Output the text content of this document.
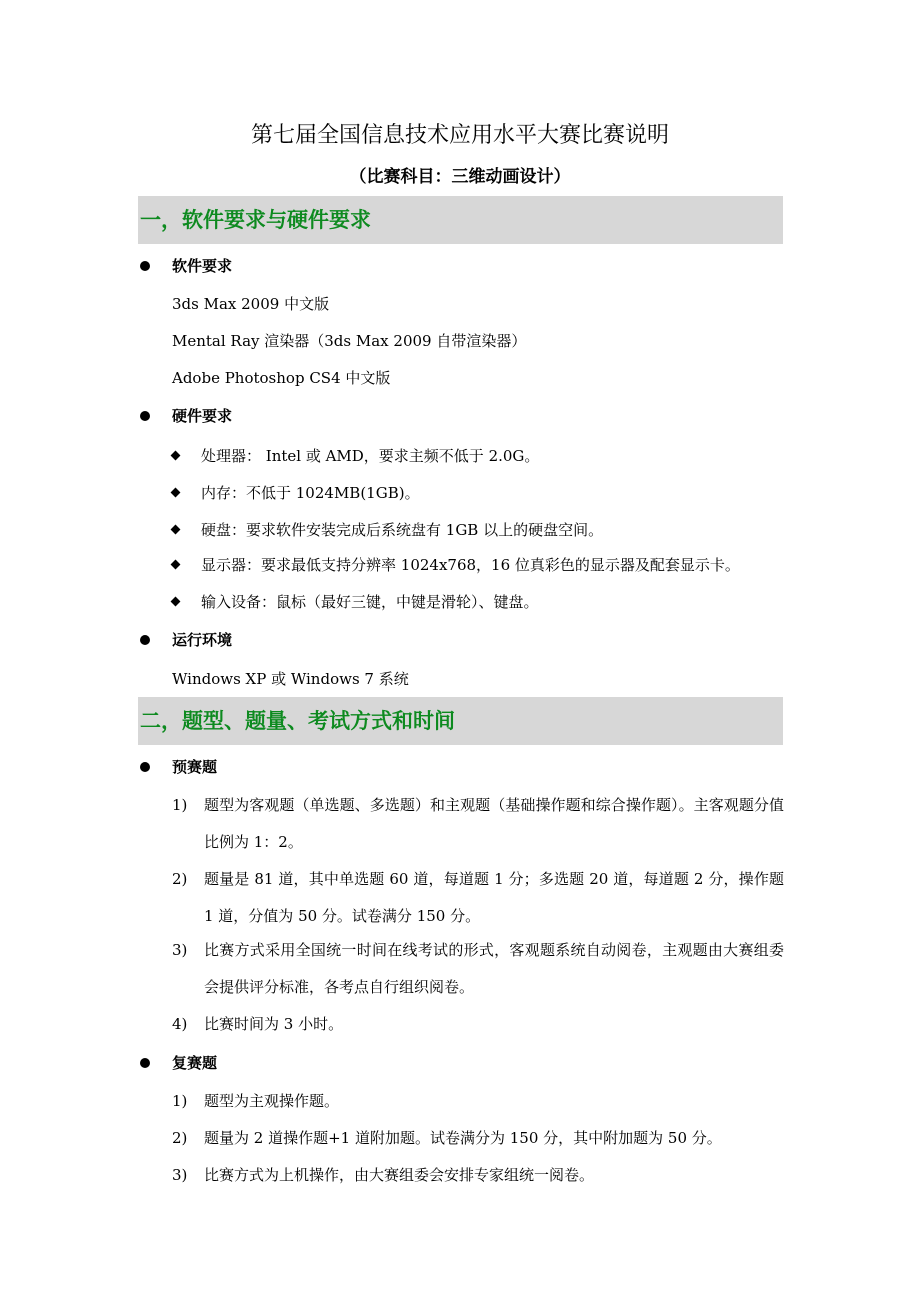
第七届全国信息技术应用水平大赛比赛说明
（比赛科目：三维动画设计）
一，软件要求与硬件要求
软件要求
3ds Max 2009 中文版
Mental Ray 渲染器（3ds Max 2009 自带渲染器）
Adobe Photoshop CS4 中文版
硬件要求
处理器： Intel 或 AMD，要求主频不低于 2.0G。
内存：不低于 1024MB(1GB)。
硬盘：要求软件安装完成后系统盘有 1GB 以上的硬盘空间。
显示器：要求最低支持分辨率 1024x768，16 位真彩色的显示器及配套显示卡。
输入设备：鼠标（最好三键，中键是滑轮）、键盘。
运行环境
Windows XP 或 Windows 7 系统
二，题型、题量、考试方式和时间
预赛题
1) 题型为客观题（单选题、多选题）和主观题（基础操作题和综合操作题）。主客观题分值比例为 1：2。
2) 题量是 81 道，其中单选题 60 道，每道题 1 分；多选题 20 道，每道题 2 分，操作题 1 道，分值为 50 分。试卷满分 150 分。
3) 比赛方式采用全国统一时间在线考试的形式，客观题系统自动阅卷，主观题由大赛组委会提供评分标准，各考点自行组织阅卷。
4) 比赛时间为 3 小时。
复赛题
1) 题型为主观操作题。
2) 题量为 2 道操作题+1 道附加题。试卷满分为 150 分，其中附加题为 50 分。
3) 比赛方式为上机操作，由大赛组委会安排专家组统一阅卷。
